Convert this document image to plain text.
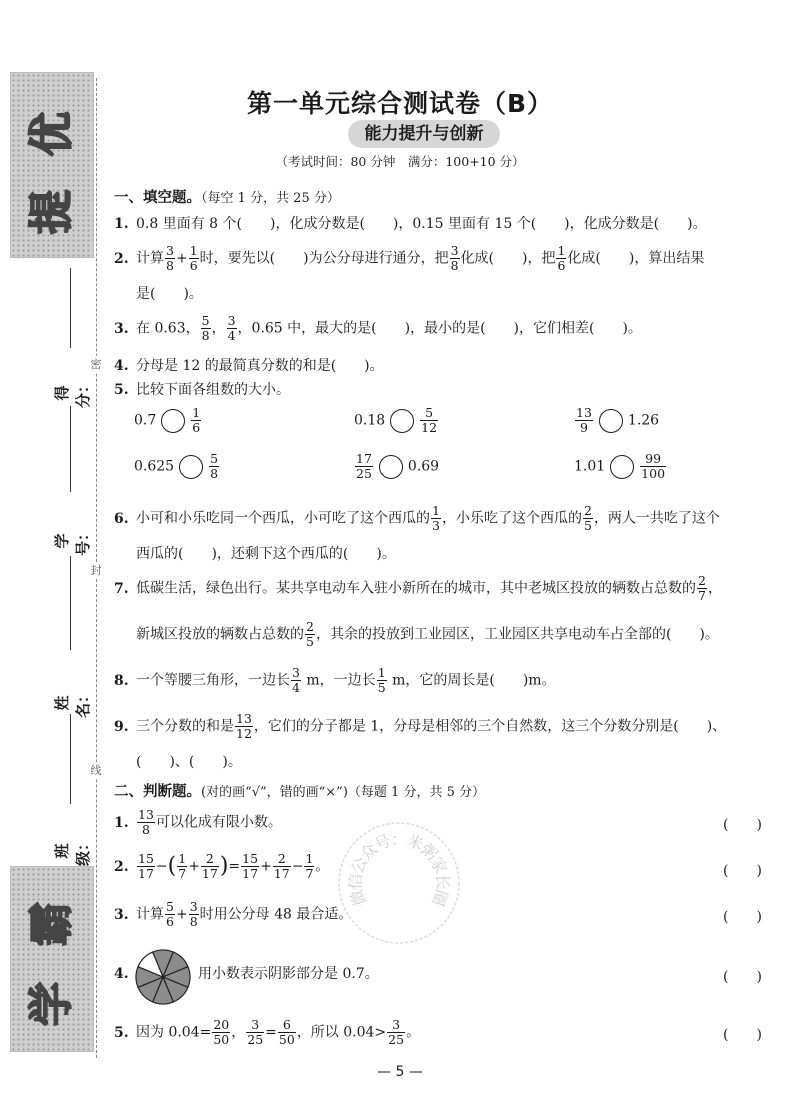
提
优
学
霸
得分：
学号：
姓名：
班级：
密
封
线
第一单元综合测试卷（B）
能力提升与创新
（考试时间：80 分钟　满分：100+10 分）
一、填空题。（每空 1 分，共 25 分）
1. 0.8 里面有 8 个(　　)，化成分数是(　　)，0.15 里面有 15 个(　　)，化成分数是(　　)。
2. 计算 $\frac{3}{8} + \frac{1}{6}$ 时，要先以(　　)为公分母进行通分，把 $\frac{3}{8}$ 化成(　　)，把 $\frac{1}{6}$ 化成(　　)，算出结果
是(　　)。
3. 在 0.63， $\frac{5}{8}$ ， $\frac{3}{4}$ ，0.65 中，最大的是(　　)，最小的是(　　)，它们相差(　　)。
4. 分母是 12 的最简真分数的和是(　　)。
5. 比较下面各组数的大小。
0.7	$\frac{1}{6}$	0.18	$\frac{5}{12}$	$\frac{13}{9}$	1.26
0.625	$\frac{5}{8}$	$\frac{17}{25}$	0.69	1.01	$\frac{99}{100}$
6. 小可和小乐吃同一个西瓜，小可吃了这个西瓜的 $\frac{1}{3}$ ，小乐吃了这个西瓜的 $\frac{2}{5}$ ，两人一共吃了这个
西瓜的(　　)，还剩下这个西瓜的(　　)。
7. 低碳生活，绿色出行。某共享电动车入驻小新所在的城市，其中老城区投放的辆数占总数的 $\frac{2}{7}$ ，
新城区投放的辆数占总数的 $\frac{2}{5}$ ，其余的投放到工业园区，工业园区共享电动车占全部的(　　)。
8. 一个等腰三角形，一边长 $\frac{3}{4}$ m，一边长 $\frac{1}{5}$ m，它的周长是(　　)m。
9. 三个分数的和是 $\frac{13}{12}$ ，它们的分子都是 1，分母是相邻的三个自然数，这三个分数分别是(　　)、
(　　)、(　　)。
二、判断题。(对的画“√”，错的画“×”)（每题 1 分，共 5 分）
1. $\frac{13}{8}$ 可以化成有限小数。	(　　)
2. $\frac{15}{17}$ −( $\frac{1}{7} + \frac{2}{17}$ )= $\frac{15}{17} + \frac{2}{17} - \frac{1}{7}$ 。	(　　)
3. 计算 $\frac{5}{6} + \frac{3}{8}$ 时用公分母 48 最合适。	(　　)
4.	用小数表示阴影部分是 0.7。	(　　)
5. 因为 $0.04= \frac{20}{50}$ ， $\frac{3}{25} = \frac{6}{50}$ ，所以 $0.04> \frac{3}{25}$ 。	(　　)
微
信
公
众
号
：
米
粥
家
长
圈
— 5 —
